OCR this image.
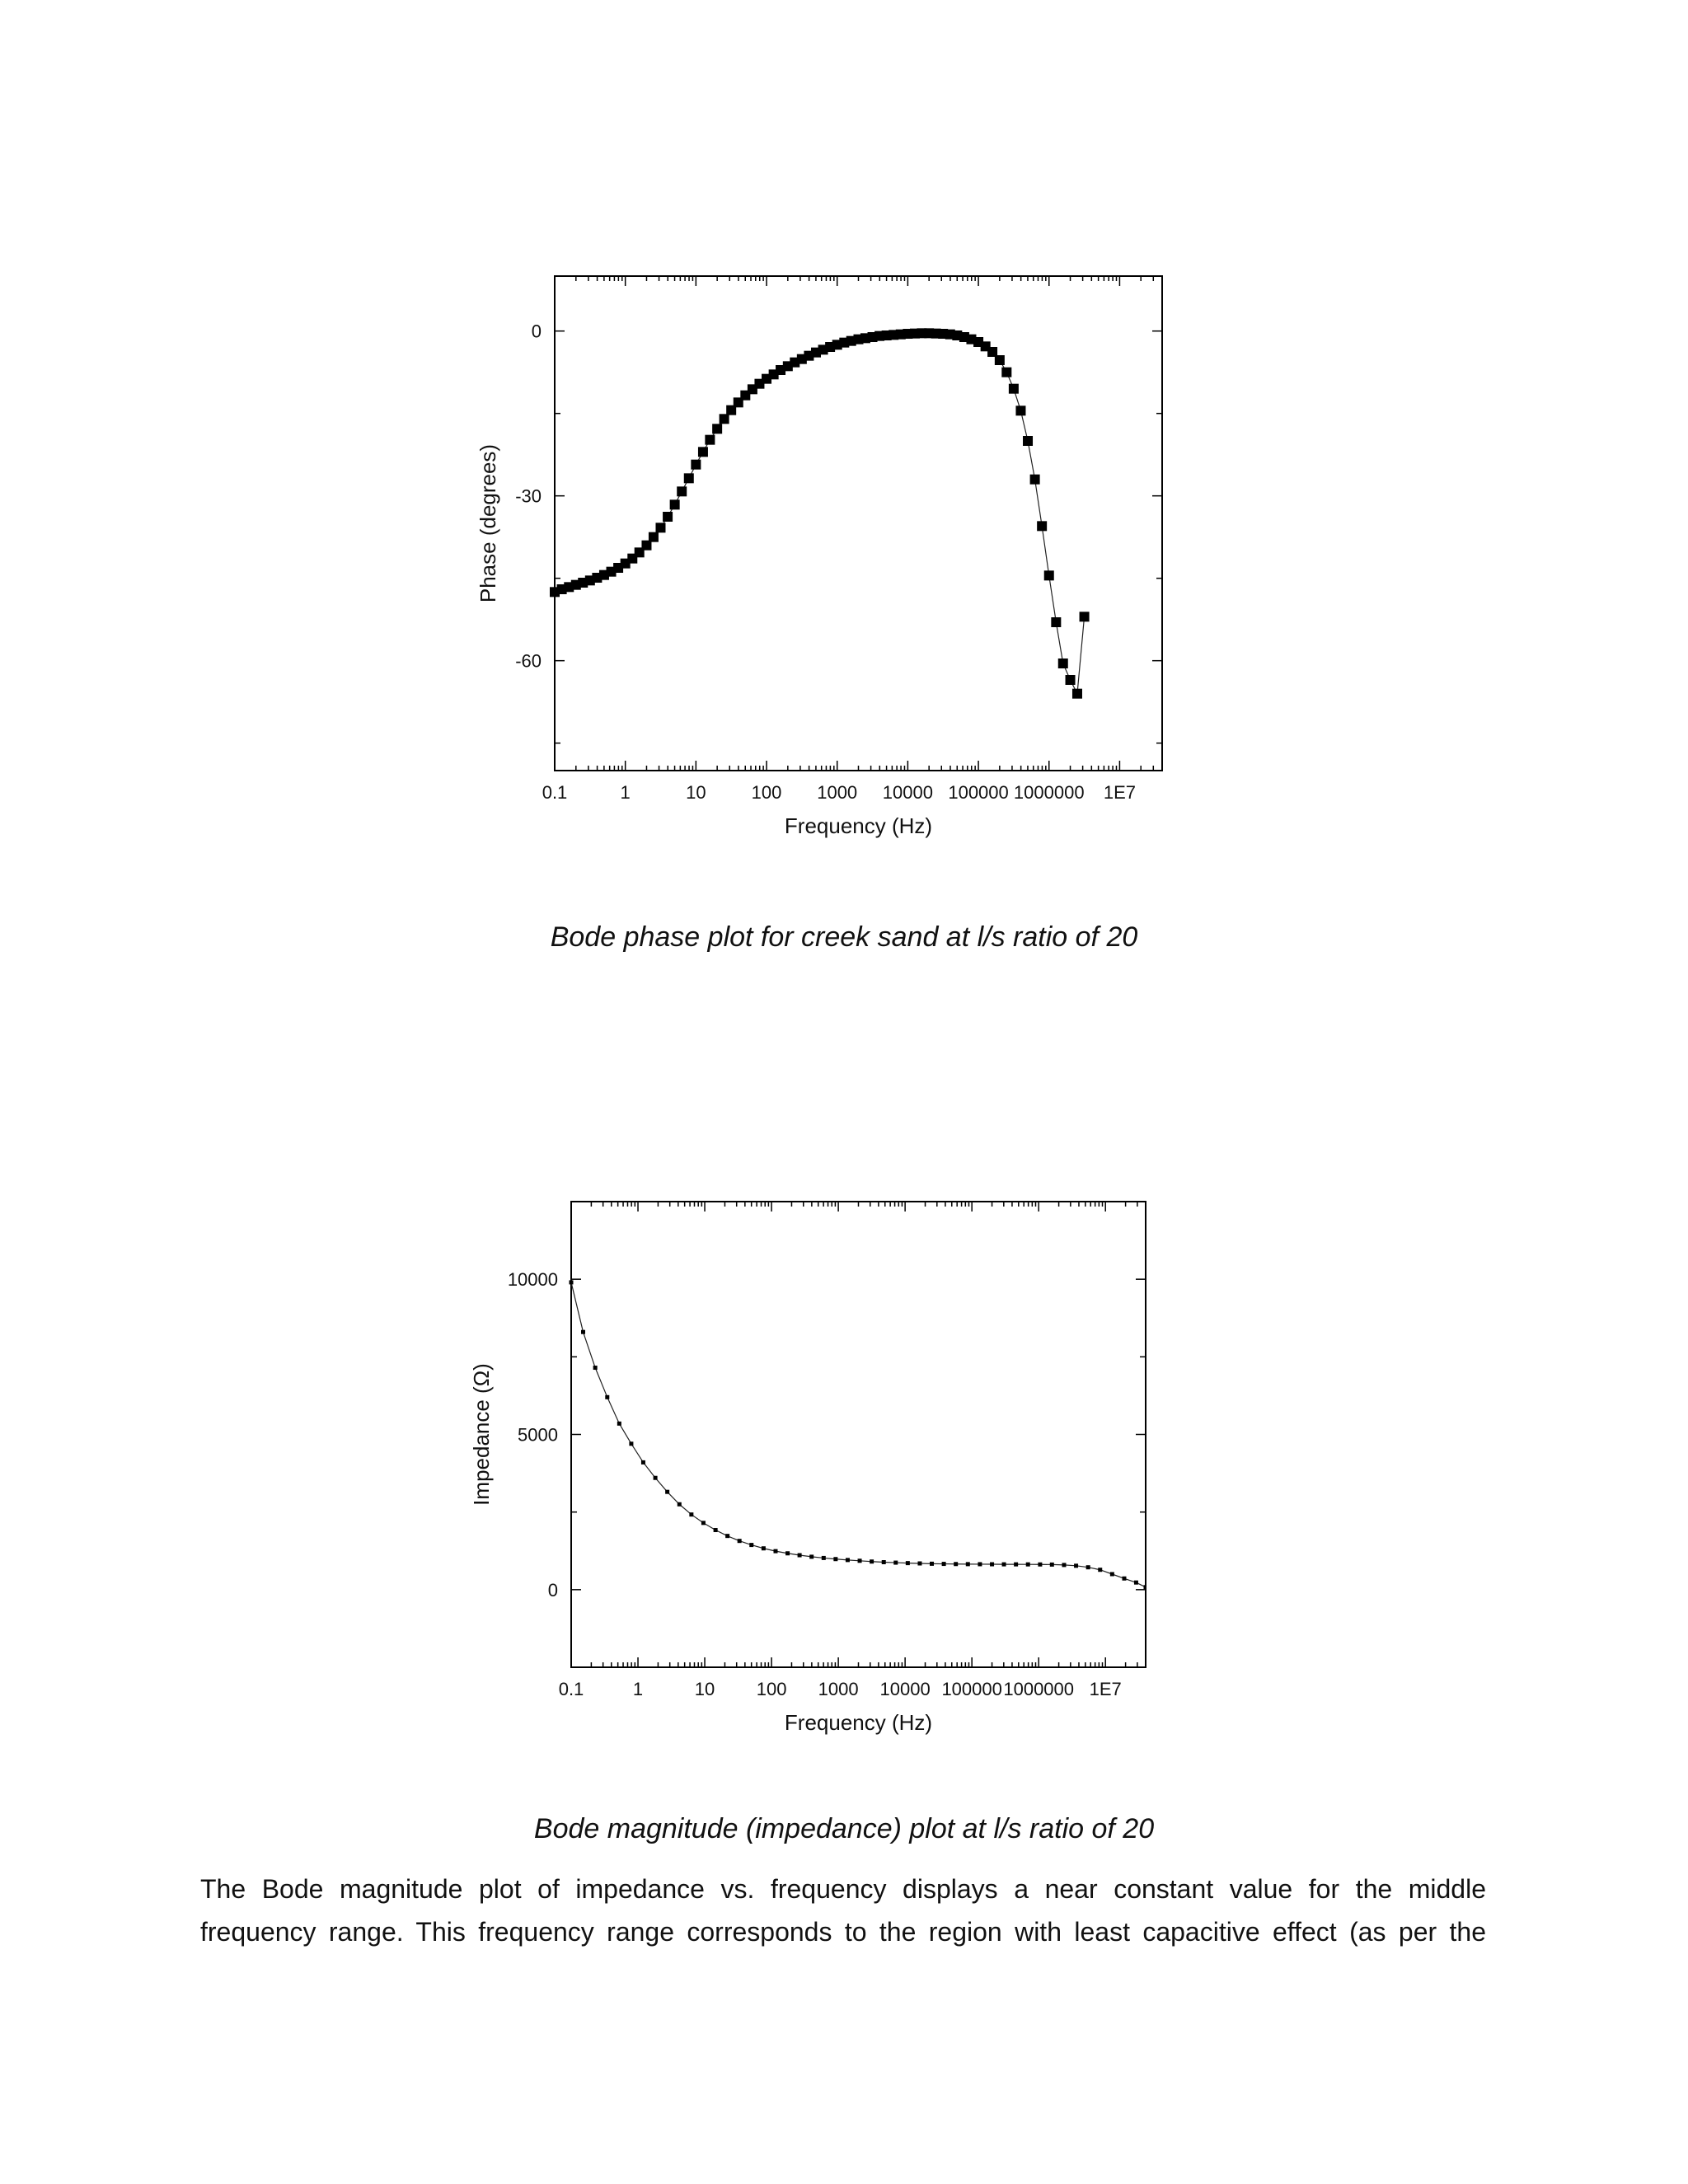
0.1	1	10	100 1000 10000 100000 1000000 1E7
0
-30
-60
Frequency (Hz)
Phase (degrees)
Bode phase plot for creek sand at l/s ratio of 20
0.1	1	10 100 1000 10000 100000 1000000 1E7
10000
5000
0
Frequency (Hz)
Impedance (Ω)
Bode magnitude (impedance) plot at l/s ratio of 20
The Bode magnitude plot of impedance vs. frequency displays a near constant value for the middle
frequency range. This frequency range corresponds to the region with least capacitive effect (as per the
